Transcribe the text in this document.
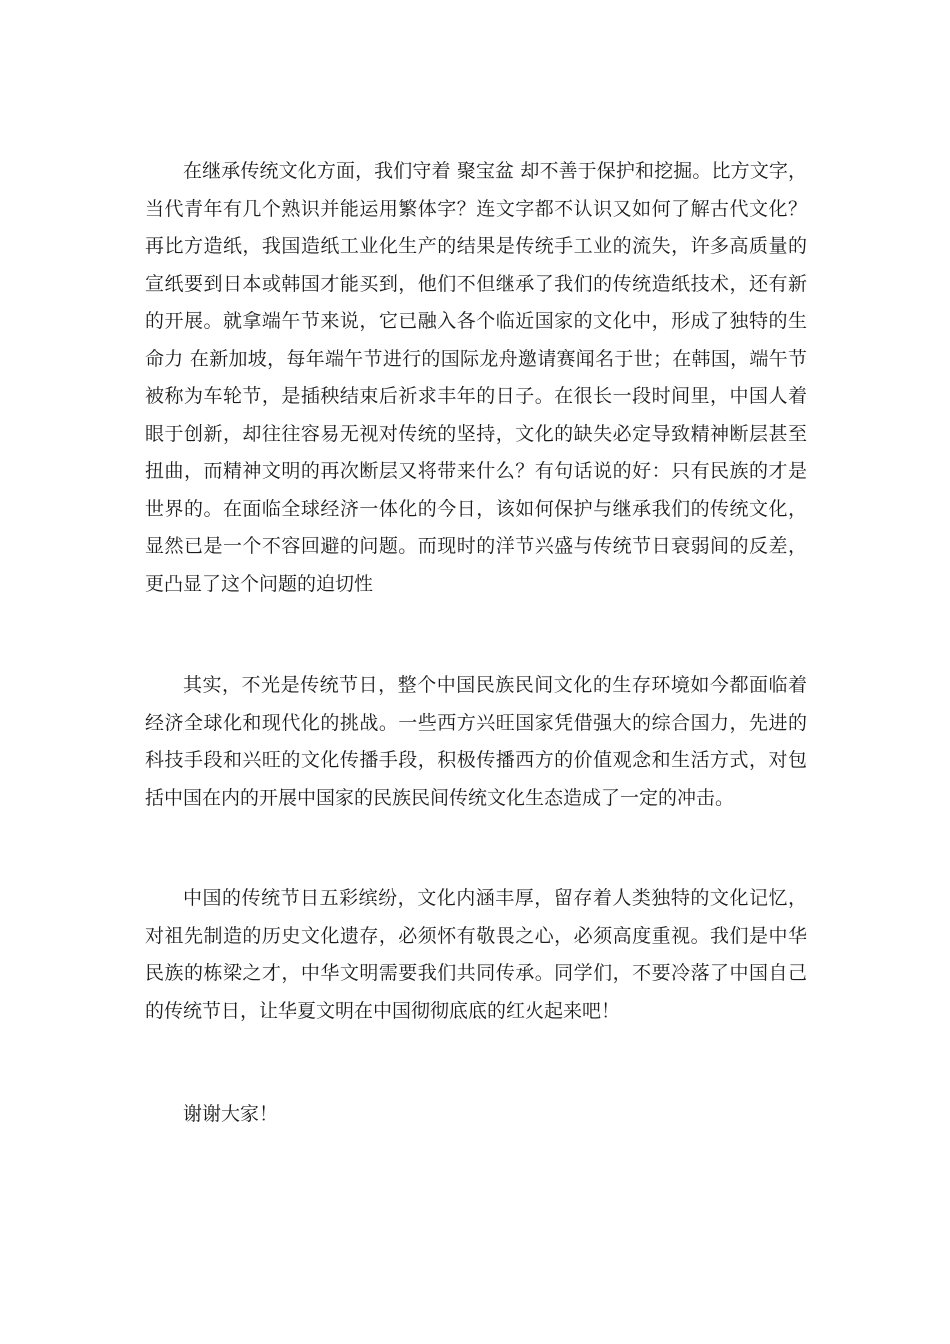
在继承传统文化方面，我们守着 聚宝盆 却不善于保护和挖掘。比方文字，当代青年有几个熟识并能运用繁体字？连文字都不认识又如何了解古代文化？再比方造纸，我国造纸工业化生产的结果是传统手工业的流失，许多高质量的宣纸要到日本或韩国才能买到，他们不但继承了我们的传统造纸技术，还有新的开展。就拿端午节来说，它已融入各个临近国家的文化中，形成了独特的生命力 在新加坡，每年端午节进行的国际龙舟邀请赛闻名于世；在韩国，端午节被称为车轮节，是插秧结束后祈求丰年的日子。在很长一段时间里，中国人着眼于创新，却往往容易无视对传统的坚持，文化的缺失必定导致精神断层甚至扭曲，而精神文明的再次断层又将带来什么？有句话说的好：只有民族的才是世界的。在面临全球经济一体化的今日，该如何保护与继承我们的传统文化，显然已是一个不容回避的问题。而现时的洋节兴盛与传统节日衰弱间的反差，更凸显了这个问题的迫切性

其实，不光是传统节日，整个中国民族民间文化的生存环境如今都面临着经济全球化和现代化的挑战。一些西方兴旺国家凭借强大的综合国力，先进的科技手段和兴旺的文化传播手段，积极传播西方的价值观念和生活方式，对包括中国在内的开展中国家的民族民间传统文化生态造成了一定的冲击。

中国的传统节日五彩缤纷，文化内涵丰厚，留存着人类独特的文化记忆，对祖先制造的历史文化遗存，必须怀有敬畏之心，必须高度重视。我们是中华民族的栋梁之才，中华文明需要我们共同传承。同学们，不要冷落了中国自己的传统节日，让华夏文明在中国彻彻底底的红火起来吧！

谢谢大家！
